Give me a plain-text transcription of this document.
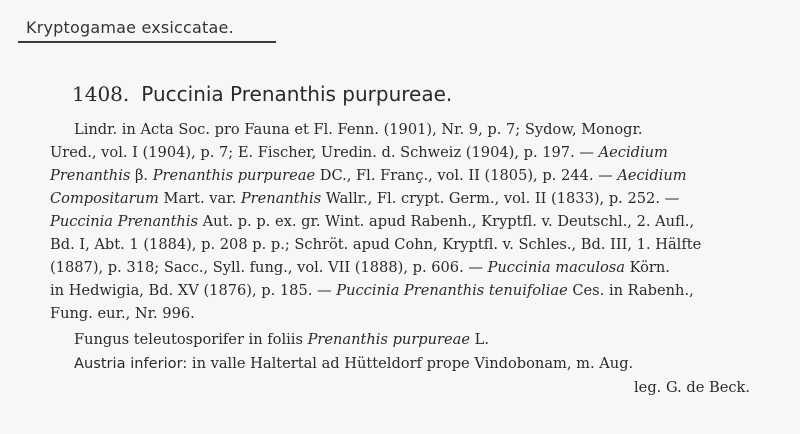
Kryptogamae exsiccatae.
1408. Puccinia Prenanthis purpureae.
Lindr. in Acta Soc. pro Fauna et Fl. Fenn. (1901), Nr. 9, p. 7; Sydow, Monogr.
Ured., vol. I (1904), p. 7; E. Fischer, Uredin. d. Schweiz (1904), p. 197. — Aecidium
Prenanthis β. Prenanthis purpureae DC., Fl. Franç., vol. II (1805), p. 244. — Aecidium
Compositarum Mart. var. Prenanthis Wallr., Fl. crypt. Germ., vol. II (1833), p. 252. —
Puccinia Prenanthis Aut. p. p. ex. gr. Wint. apud Rabenh., Kryptfl. v. Deutschl., 2. Aufl.,
Bd. I, Abt. 1 (1884), p. 208 p. p.; Schröt. apud Cohn, Kryptfl. v. Schles., Bd. III, 1. Hälfte
(1887), p. 318; Sacc., Syll. fung., vol. VII (1888), p. 606. — Puccinia maculosa Körn.
in Hedwigia, Bd. XV (1876), p. 185. — Puccinia Prenanthis tenuifoliae Ces. in Rabenh.,
Fung. eur., Nr. 996.
Fungus teleutosporifer in foliis Prenanthis purpureae L.
Austria inferior: in valle Haltertal ad Hütteldorf prope Vindobonam, m. Aug.
leg. G. de Beck.
